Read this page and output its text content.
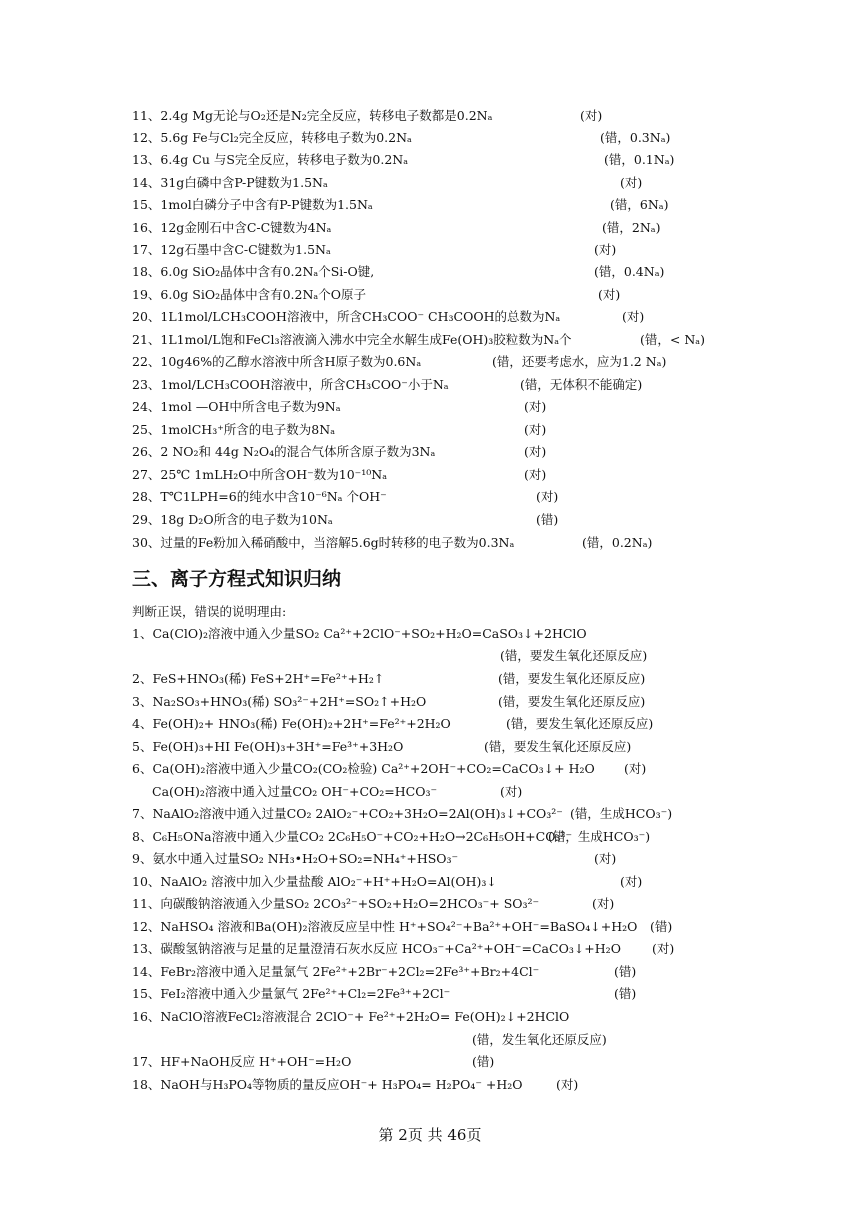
11、2.4g Mg无论与O₂还是N₂完全反应，转移电子数都是0.2Nₐ	(对)
12、5.6g Fe与Cl₂完全反应，转移电子数为0.2Nₐ	(错，0.3Nₐ)
13、6.4g Cu 与S完全反应，转移电子数为0.2Nₐ	(错，0.1Nₐ)
14、31g白磷中含P-P键数为1.5Nₐ	(对)
15、1mol白磷分子中含有P-P键数为1.5Nₐ	(错，6Nₐ)
16、12g金刚石中含C-C键数为4Nₐ	(错，2Nₐ)
17、12g石墨中含C-C键数为1.5Nₐ	(对)
18、6.0g SiO₂晶体中含有0.2Nₐ个Si-O键,	(错，0.4Nₐ)
19、6.0g SiO₂晶体中含有0.2Nₐ个O原子	(对)
20、1L1mol/LCH₃COOH溶液中，所含CH₃COO⁻ CH₃COOH的总数为Nₐ	(对)
21、1L1mol/L饱和FeCl₃溶液滴入沸水中完全水解生成Fe(OH)₃胶粒数为Nₐ个	(错，< Nₐ)
22、10g46%的乙醇水溶液中所含H原子数为0.6Nₐ	(错，还要考虑水，应为1.2 Nₐ)
23、1mol/LCH₃COOH溶液中，所含CH₃COO⁻小于Nₐ	(错，无体积不能确定)
24、1mol —OH中所含电子数为9Nₐ	(对)
25、1molCH₃⁺所含的电子数为8Nₐ	(对)
26、2 NO₂和 44g N₂O₄的混合气体所含原子数为3Nₐ	(对)
27、25℃ 1mLH₂O中所含OH⁻数为10⁻¹⁰Nₐ	(对)
28、T℃1LPH=6的纯水中含10⁻⁶Nₐ 个OH⁻	(对)
29、18g D₂O所含的电子数为10Nₐ	(错)
30、过量的Fe粉加入稀硝酸中，当溶解5.6g时转移的电子数为0.3Nₐ	(错，0.2Nₐ)
三、离子方程式知识归纳
判断正误，错误的说明理由:
1、Ca(ClO)₂溶液中通入少量SO₂ Ca²⁺+2ClO⁻+SO₂+H₂O=CaSO₃↓+2HClO
(错，要发生氧化还原反应)
2、FeS+HNO₃(稀) FeS+2H⁺=Fe²⁺+H₂↑	(错，要发生氧化还原反应)
3、Na₂SO₃+HNO₃(稀) SO₃²⁻+2H⁺=SO₂↑+H₂O	(错，要发生氧化还原反应)
4、Fe(OH)₂+ HNO₃(稀) Fe(OH)₂+2H⁺=Fe²⁺+2H₂O	(错，要发生氧化还原反应)
5、Fe(OH)₃+HI Fe(OH)₃+3H⁺=Fe³⁺+3H₂O	(错，要发生氧化还原反应)
6、Ca(OH)₂溶液中通入少量CO₂(CO₂检验) Ca²⁺+2OH⁻+CO₂=CaCO₃↓+ H₂O (对)
Ca(OH)₂溶液中通入过量CO₂ OH⁻+CO₂=HCO₃⁻	(对)
7、NaAlO₂溶液中通入过量CO₂ 2AlO₂⁻+CO₂+3H₂O=2Al(OH)₃↓+CO₃²⁻ (错，生成HCO₃⁻)
8、C₆H₅ONa溶液中通入少量CO₂ 2C₆H₅O⁻+CO₂+H₂O→2C₆H₅OH+CO₃²⁻
(错，生成HCO₃⁻)
9、氨水中通入过量SO₂ NH₃•H₂O+SO₂=NH₄⁺+HSO₃⁻	(对)
10、NaAlO₂ 溶液中加入少量盐酸 AlO₂⁻+H⁺+H₂O=Al(OH)₃↓	(对)
11、向碳酸钠溶液通入少量SO₂ 2CO₃²⁻+SO₂+H₂O=2HCO₃⁻+ SO₃²⁻	(对)
12、NaHSO₄ 溶液和Ba(OH)₂溶液反应呈中性 H⁺+SO₄²⁻+Ba²⁺+OH⁻=BaSO₄↓+H₂O (错)
13、碳酸氢钠溶液与足量的足量澄清石灰水反应 HCO₃⁻+Ca²⁺+OH⁻=CaCO₃↓+H₂O (对)
14、FeBr₂溶液中通入足量氯气 2Fe²⁺+2Br⁻+2Cl₂=2Fe³⁺+Br₂+4Cl⁻	(错)
15、FeI₂溶液中通入少量氯气 2Fe²⁺+Cl₂=2Fe³⁺+2Cl⁻	(错)
16、NaClO溶液FeCl₂溶液混合 2ClO⁻+ Fe²⁺+2H₂O= Fe(OH)₂↓+2HClO
(错，发生氧化还原反应)
17、HF+NaOH反应 H⁺+OH⁻=H₂O	(错)
18、NaOH与H₃PO₄等物质的量反应OH⁻+ H₃PO₄= H₂PO₄⁻ +H₂O	(对)
第 2页 共 46页
